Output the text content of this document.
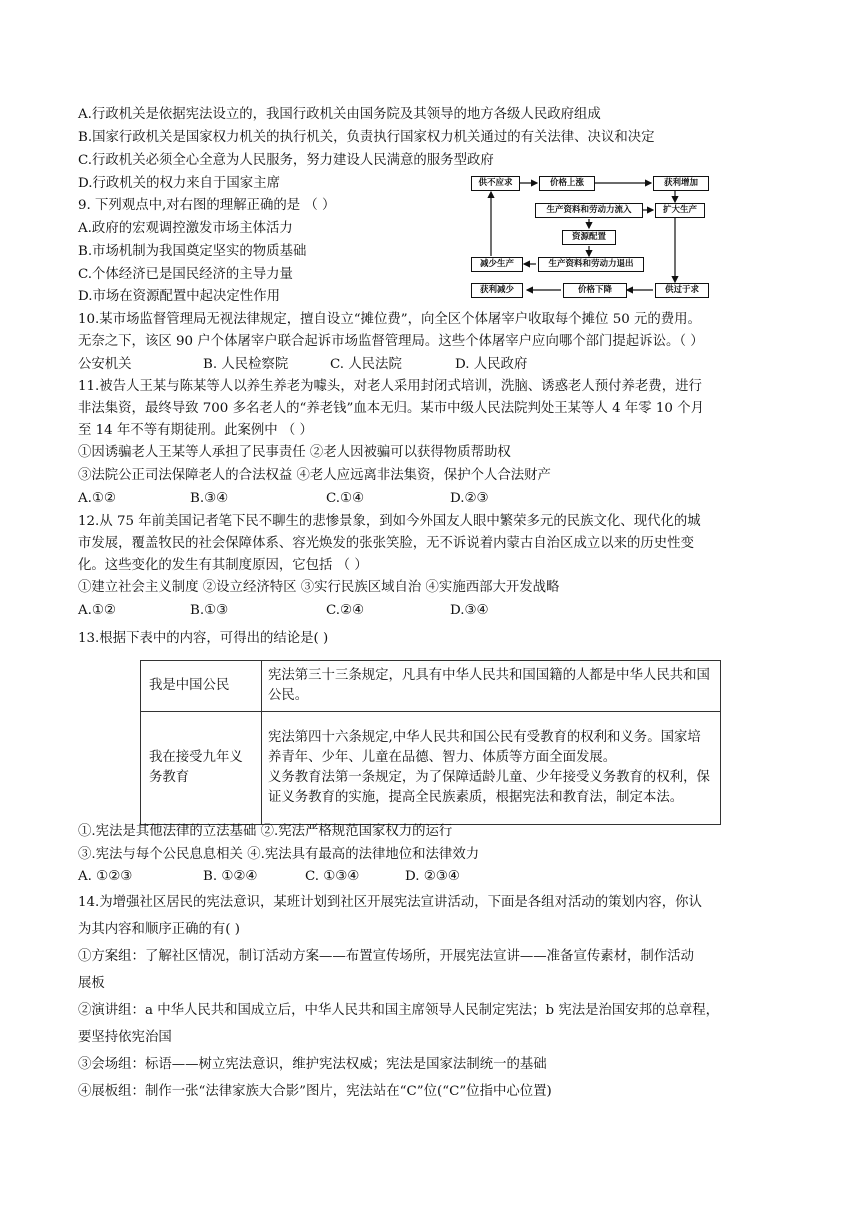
A.行政机关是依据宪法设立的，我国行政机关由国务院及其领导的地方各级人民政府组成
B.国家行政机关是国家权力机关的执行机关，负责执行国家权力机关通过的有关法律、决议和决定
C.行政机关必须全心全意为人民服务，努力建设人民满意的服务型政府
D.行政机关的权力来自于国家主席
9. 下列观点中,对右图的理解正确的是 （ ）
A.政府的宏观调控激发市场主体活力
B.市场机制为我国奠定坚实的物质基础
C.个体经济已是国民经济的主导力量
D.市场在资源配置中起决定性作用
供不应求	价格上涨	获利增加
生产资料和劳动力流入	扩大生产
资源配置
减少生产	生产资料和劳动力退出
获利减少	价格下降	供过于求
10.某市场监督管理局无视法律规定，擅自设立“摊位费”，向全区个体屠宰户收取每个摊位 50 元的费用。
无奈之下，该区 90 户个体屠宰户联合起诉市场监督管理局。这些个体屠宰户应向哪个部门提起诉讼。（ ）
公安机关	B. 人民检察院	C. 人民法院	D. 人民政府
11.被告人王某与陈某等人以养生养老为噱头，对老人采用封闭式培训，洗脑、诱惑老人预付养老费，进行
非法集资，最终导致 700 多名老人的“养老钱”血本无归。某市中级人民法院判处王某等人 4 年零 10 个月
至 14 年不等有期徒刑。此案例中 （ ）
①因诱骗老人王某等人承担了民事责任 ②老人因被骗可以获得物质帮助权
③法院公正司法保障老人的合法权益 ④老人应远离非法集资，保护个人合法财产
A.①②	B.③④	C.①④	D.②③
12.从 75 年前美国记者笔下民不聊生的悲惨景象，到如今外国友人眼中繁荣多元的民族文化、现代化的城
市发展，覆盖牧民的社会保障体系、容光焕发的张张笑脸，无不诉说着内蒙古自治区成立以来的历史性变
化。这些变化的发生有其制度原因，它包括 （ ）
①建立社会主义制度 ②设立经济特区 ③实行民族区域自治 ④实施西部大开发战略
A.①②	B.①③	C.②④	D.③④
13.根据下表中的内容，可得出的结论是( )
我是中国公民	宪法第三十三条规定，凡具有中华人民共和国国籍的人都是中华人民共和国公民。
我在接受九年义务教育	宪法第四十六条规定,中华人民共和国公民有受教育的权利和义务。国家培养青年、少年、儿童在品德、智力、体质等方面全面发展。
义务教育法第一条规定，为了保障适龄儿童、少年接受义务教育的权利，保证义务教育的实施，提高全民族素质，根据宪法和教育法，制定本法。
①.宪法是其他法律的立法基础 ②.宪法严格规范国家权力的运行
③.宪法与每个公民息息相关 ④.宪法具有最高的法律地位和法律效力
A. ①②③	B. ①②④	C. ①③④	D. ②③④
14.为增强社区居民的宪法意识，某班计划到社区开展宪法宣讲活动，下面是各组对活动的策划内容，你认
为其内容和顺序正确的有( )
①方案组：了解社区情况，制订活动方案——布置宣传场所，开展宪法宣讲——准备宣传素材，制作活动
展板
②演讲组：a 中华人民共和国成立后，中华人民共和国主席领导人民制定宪法；b 宪法是治国安邦的总章程，
要坚持依宪治国
③会场组：标语——树立宪法意识，维护宪法权威；宪法是国家法制统一的基础
④展板组：制作一张“法律家族大合影”图片，宪法站在“C”位(“C”位指中心位置)
